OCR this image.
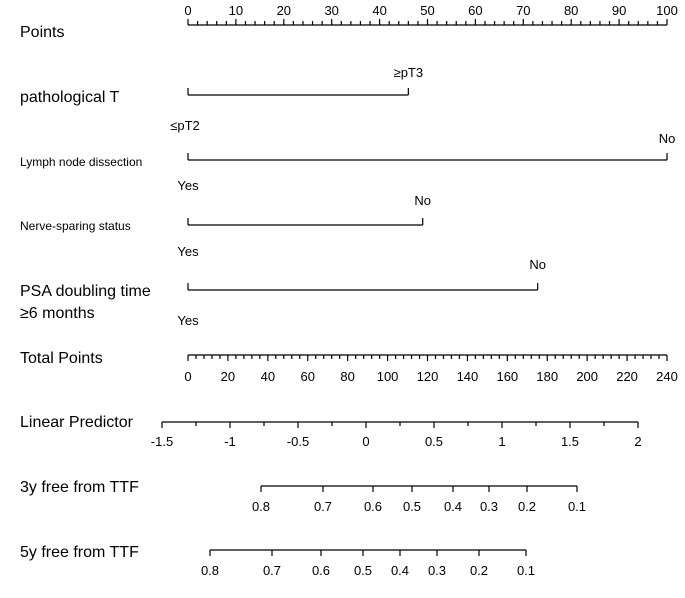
Points
0	10	20	30	40	50	60	70	80	90 100
pathological T
≤pT2
≥pT3
Lymph node dissection
Yes
No
Nerve-sparing status
Yes
No
PSA doubling time
≥6 months	Yes
No
Total Points
0 20 40 60 80 100 120 140 160 180 200 220 240
Linear Predictor
-1.5	-1	-0.5	0	0.5	1	1.5	2
3y free from TTF
0.8	0.7 0.6 0.5 0.4 0.3 0.2 0.1
5y free from TTF
0.8	0.7 0.6 0.5 0.4 0.3 0.2 0.1
